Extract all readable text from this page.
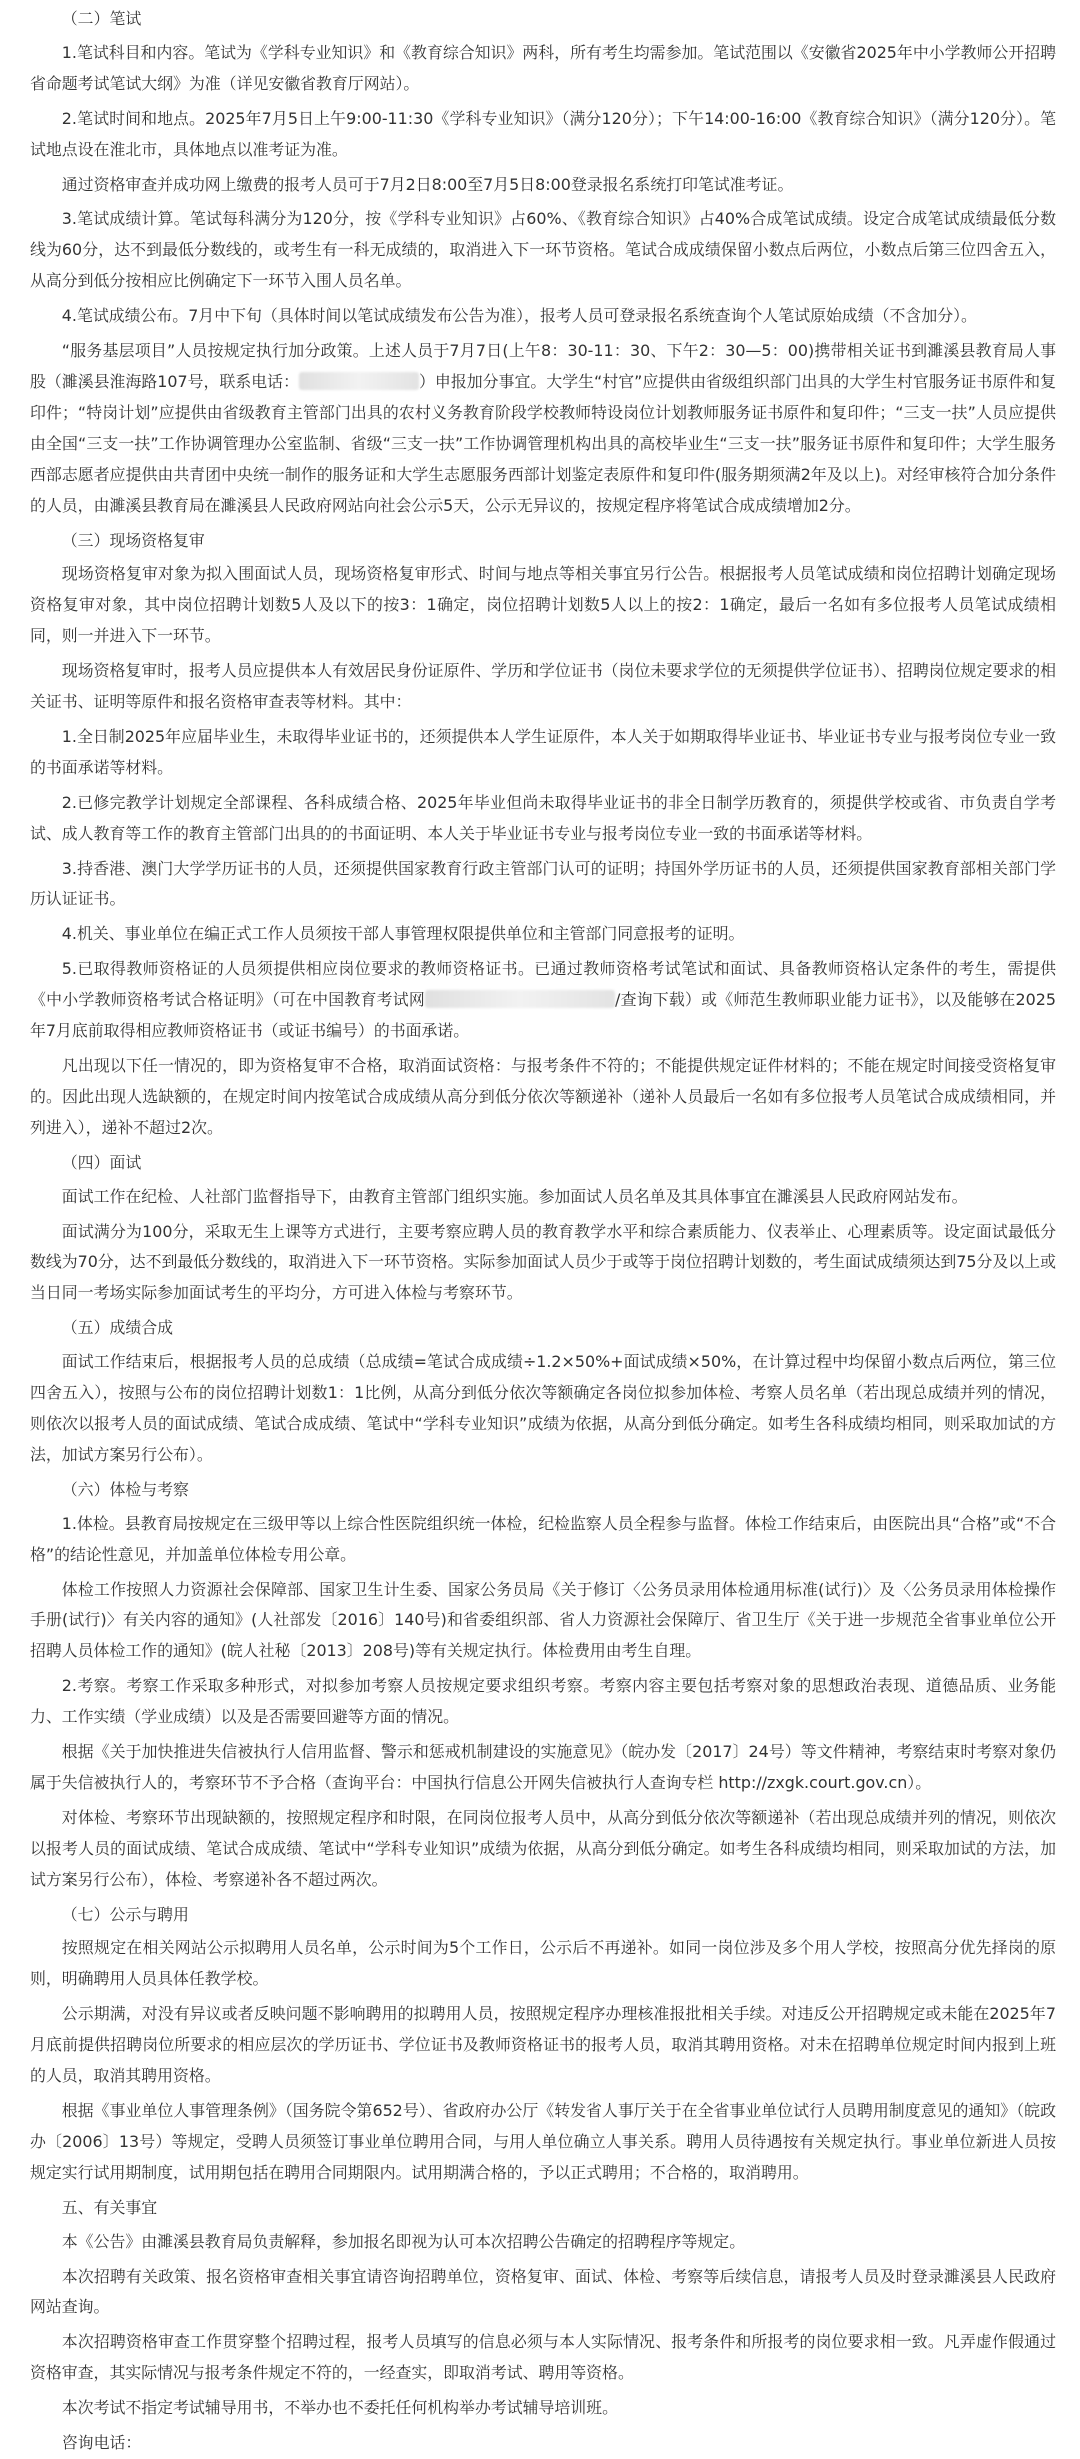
（二）笔试

1.笔试科目和内容。笔试为《学科专业知识》和《教育综合知识》两科，所有考生均需参加。笔试范围以《安徽省2025年中小学教师公开招聘省命题考试笔试大纲》为准（详见安徽省教育厅网站）。

2.笔试时间和地点。2025年7月5日上午9:00-11:30《学科专业知识》（满分120分）；下午14:00-16:00《教育综合知识》（满分120分）。笔试地点设在淮北市，具体地点以准考证为准。

通过资格审查并成功网上缴费的报考人员可于7月2日8:00至7月5日8:00登录报名系统打印笔试准考证。

3.笔试成绩计算。笔试每科满分为120分，按《学科专业知识》占60%、《教育综合知识》占40%合成笔试成绩。设定合成笔试成绩最低分数线为60分，达不到最低分数线的，或考生有一科无成绩的，取消进入下一环节资格。笔试合成成绩保留小数点后两位，小数点后第三位四舍五入，从高分到低分按相应比例确定下一环节入围人员名单。

4.笔试成绩公布。7月中下旬（具体时间以笔试成绩发布公告为准），报考人员可登录报名系统查询个人笔试原始成绩（不含加分）。

“服务基层项目”人员按规定执行加分政策。上述人员于7月7日(上午8：30-11：30、下午2：30—5：00)携带相关证书到濉溪县教育局人事股（濉溪县淮海路107号，联系电话：	）申报加分事宜。大学生“村官”应提供由省级组织部门出具的大学生村官服务证书原件和复印件；“特岗计划”应提供由省级教育主管部门出具的农村义务教育阶段学校教师特设岗位计划教师服务证书原件和复印件；“三支一扶”人员应提供由全国“三支一扶”工作协调管理办公室监制、省级“三支一扶”工作协调管理机构出具的高校毕业生“三支一扶”服务证书原件和复印件；大学生服务西部志愿者应提供由共青团中央统一制作的服务证和大学生志愿服务西部计划鉴定表原件和复印件(服务期须满2年及以上)。对经审核符合加分条件的人员，由濉溪县教育局在濉溪县人民政府网站向社会公示5天，公示无异议的，按规定程序将笔试合成成绩增加2分。

（三）现场资格复审

现场资格复审对象为拟入围面试人员，现场资格复审形式、时间与地点等相关事宜另行公告。根据报考人员笔试成绩和岗位招聘计划确定现场资格复审对象，其中岗位招聘计划数5人及以下的按3：1确定，岗位招聘计划数5人以上的按2：1确定，最后一名如有多位报考人员笔试成绩相同，则一并进入下一环节。

现场资格复审时，报考人员应提供本人有效居民身份证原件、学历和学位证书（岗位未要求学位的无须提供学位证书）、招聘岗位规定要求的相关证书、证明等原件和报名资格审查表等材料。其中：

1.全日制2025年应届毕业生，未取得毕业证书的，还须提供本人学生证原件，本人关于如期取得毕业证书、毕业证书专业与报考岗位专业一致的书面承诺等材料。

2.已修完教学计划规定全部课程、各科成绩合格、2025年毕业但尚未取得毕业证书的非全日制学历教育的，须提供学校或省、市负责自学考试、成人教育等工作的教育主管部门出具的的书面证明、本人关于毕业证书专业与报考岗位专业一致的书面承诺等材料。

3.持香港、澳门大学学历证书的人员，还须提供国家教育行政主管部门认可的证明；持国外学历证书的人员，还须提供国家教育部相关部门学历认证证书。

4.机关、事业单位在编正式工作人员须按干部人事管理权限提供单位和主管部门同意报考的证明。

5.已取得教师资格证的人员须提供相应岗位要求的教师资格证书。已通过教师资格考试笔试和面试、具备教师资格认定条件的考生，需提供《中小学教师资格考试合格证明》（可在中国教育考试网	/查询下载）或《师范生教师职业能力证书》，以及能够在2025年7月底前取得相应教师资格证书（或证书编号）的书面承诺。

凡出现以下任一情况的，即为资格复审不合格，取消面试资格：与报考条件不符的；不能提供规定证件材料的；不能在规定时间接受资格复审的。因此出现人选缺额的，在规定时间内按笔试合成成绩从高分到低分依次等额递补（递补人员最后一名如有多位报考人员笔试合成成绩相同，并列进入），递补不超过2次。

（四）面试

面试工作在纪检、人社部门监督指导下，由教育主管部门组织实施。参加面试人员名单及其具体事宜在濉溪县人民政府网站发布。

面试满分为100分，采取无生上课等方式进行，主要考察应聘人员的教育教学水平和综合素质能力、仪表举止、心理素质等。设定面试最低分数线为70分，达不到最低分数线的，取消进入下一环节资格。实际参加面试人员少于或等于岗位招聘计划数的，考生面试成绩须达到75分及以上或当日同一考场实际参加面试考生的平均分，方可进入体检与考察环节。

（五）成绩合成

面试工作结束后，根据报考人员的总成绩（总成绩=笔试合成成绩÷1.2×50%+面试成绩×50%，在计算过程中均保留小数点后两位，第三位四舍五入），按照与公布的岗位招聘计划数1：1比例，从高分到低分依次等额确定各岗位拟参加体检、考察人员名单（若出现总成绩并列的情况，则依次以报考人员的面试成绩、笔试合成成绩、笔试中“学科专业知识”成绩为依据，从高分到低分确定。如考生各科成绩均相同，则采取加试的方法，加试方案另行公布）。

（六）体检与考察

1.体检。县教育局按规定在三级甲等以上综合性医院组织统一体检，纪检监察人员全程参与监督。体检工作结束后，由医院出具“合格”或“不合格”的结论性意见，并加盖单位体检专用公章。

体检工作按照人力资源社会保障部、国家卫生计生委、国家公务员局《关于修订〈公务员录用体检通用标准(试行)〉及〈公务员录用体检操作手册(试行)〉有关内容的通知》(人社部发〔2016〕140号)和省委组织部、省人力资源社会保障厅、省卫生厅《关于进一步规范全省事业单位公开招聘人员体检工作的通知》(皖人社秘〔2013〕208号)等有关规定执行。体检费用由考生自理。

2.考察。考察工作采取多种形式，对拟参加考察人员按规定要求组织考察。考察内容主要包括考察对象的思想政治表现、道德品质、业务能力、工作实绩（学业成绩）以及是否需要回避等方面的情况。

根据《关于加快推进失信被执行人信用监督、警示和惩戒机制建设的实施意见》（皖办发〔2017〕24号）等文件精神，考察结束时考察对象仍属于失信被执行人的，考察环节不予合格（查询平台：中国执行信息公开网失信被执行人查询专栏 http://zxgk.court.gov.cn）。

对体检、考察环节出现缺额的，按照规定程序和时限，在同岗位报考人员中，从高分到低分依次等额递补（若出现总成绩并列的情况，则依次以报考人员的面试成绩、笔试合成成绩、笔试中“学科专业知识”成绩为依据，从高分到低分确定。如考生各科成绩均相同，则采取加试的方法，加试方案另行公布），体检、考察递补各不超过两次。

（七）公示与聘用

按照规定在相关网站公示拟聘用人员名单，公示时间为5个工作日，公示后不再递补。如同一岗位涉及多个用人学校，按照高分优先择岗的原则，明确聘用人员具体任教学校。

公示期满，对没有异议或者反映问题不影响聘用的拟聘用人员，按照规定程序办理核准报批相关手续。对违反公开招聘规定或未能在2025年7月底前提供招聘岗位所要求的相应层次的学历证书、学位证书及教师资格证书的报考人员，取消其聘用资格。对未在招聘单位规定时间内报到上班的人员，取消其聘用资格。

根据《事业单位人事管理条例》（国务院令第652号）、省政府办公厅《转发省人事厅关于在全省事业单位试行人员聘用制度意见的通知》（皖政办〔2006〕13号）等规定，受聘人员须签订事业单位聘用合同，与用人单位确立人事关系。聘用人员待遇按有关规定执行。事业单位新进人员按规定实行试用期制度，试用期包括在聘用合同期限内。试用期满合格的，予以正式聘用；不合格的，取消聘用。

五、有关事宜

本《公告》由濉溪县教育局负责解释，参加报名即视为认可本次招聘公告确定的招聘程序等规定。

本次招聘有关政策、报名资格审查相关事宜请咨询招聘单位，资格复审、面试、体检、考察等后续信息，请报考人员及时登录濉溪县人民政府网站查询。

本次招聘资格审查工作贯穿整个招聘过程，报考人员填写的信息必须与本人实际情况、报考条件和所报考的岗位要求相一致。凡弄虚作假通过资格审查，其实际情况与报考条件规定不符的，一经查实，即取消考试、聘用等资格。

本次考试不指定考试辅导用书，不举办也不委托任何机构举办考试辅导培训班。

咨询电话：
